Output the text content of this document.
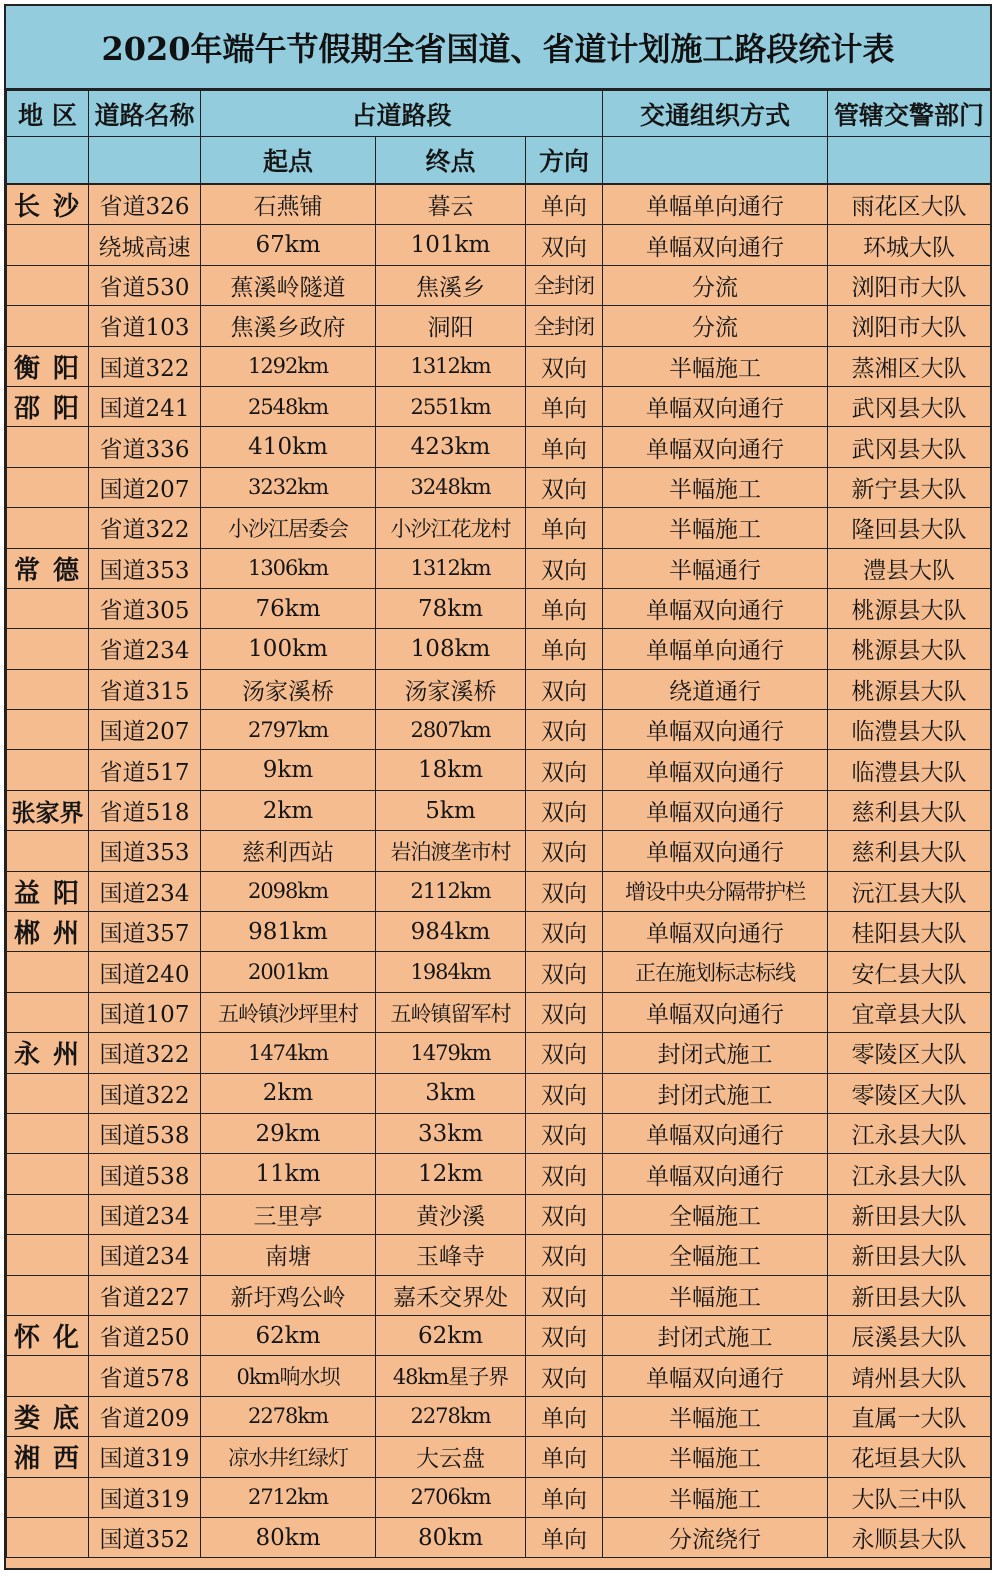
2020年端午节假期全省国道、省道计划施工路段统计表
地 区	道路名称	占道路段			交通组织方式	管辖交警部门
		起点	终点	方向		
长 沙	省道326	石燕铺	暮云	单向	单幅单向通行	雨花区大队
	绕城高速	67km	101km	双向	单幅双向通行	环城大队
	省道530	蕉溪岭隧道	焦溪乡	全封闭	分流	浏阳市大队
	省道103	焦溪乡政府	洞阳	全封闭	分流	浏阳市大队
衡 阳	国道322	1292km	1312km	双向	半幅施工	蒸湘区大队
邵 阳	国道241	2548km	2551km	单向	单幅双向通行	武冈县大队
	省道336	410km	423km	单向	单幅双向通行	武冈县大队
	国道207	3232km	3248km	双向	半幅施工	新宁县大队
	省道322	小沙江居委会	小沙江花龙村	单向	半幅施工	隆回县大队
常 德	国道353	1306km	1312km	双向	半幅通行	澧县大队
	省道305	76km	78km	单向	单幅双向通行	桃源县大队
	省道234	100km	108km	单向	单幅单向通行	桃源县大队
	省道315	汤家溪桥	汤家溪桥	双向	绕道通行	桃源县大队
	国道207	2797km	2807km	双向	单幅双向通行	临澧县大队
	省道517	9km	18km	双向	单幅双向通行	临澧县大队
张家界	省道518	2km	5km	双向	单幅双向通行	慈利县大队
	国道353	慈利西站	岩泊渡垄市村	双向	单幅双向通行	慈利县大队
益 阳	国道234	2098km	2112km	双向	增设中央分隔带护栏	沅江县大队
郴 州	国道357	981km	984km	双向	单幅双向通行	桂阳县大队
	国道240	2001km	1984km	双向	正在施划标志标线	安仁县大队
	国道107	五岭镇沙坪里村	五岭镇留军村	双向	单幅双向通行	宜章县大队
永 州	国道322	1474km	1479km	双向	封闭式施工	零陵区大队
	国道322	2km	3km	双向	封闭式施工	零陵区大队
	国道538	29km	33km	双向	单幅双向通行	江永县大队
	国道538	11km	12km	双向	单幅双向通行	江永县大队
	国道234	三里亭	黄沙溪	双向	全幅施工	新田县大队
	国道234	南塘	玉峰寺	双向	全幅施工	新田县大队
	省道227	新圩鸡公岭	嘉禾交界处	双向	半幅施工	新田县大队
怀 化	省道250	62km	62km	双向	封闭式施工	辰溪县大队
	省道578	0km响水坝	48km星子界	双向	单幅双向通行	靖州县大队
娄 底	省道209	2278km	2278km	单向	半幅施工	直属一大队
湘 西	国道319	凉水井红绿灯	大云盘	单向	半幅施工	花垣县大队
	国道319	2712km	2706km	单向	半幅施工	大队三中队
	国道352	80km	80km	单向	分流绕行	永顺县大队
